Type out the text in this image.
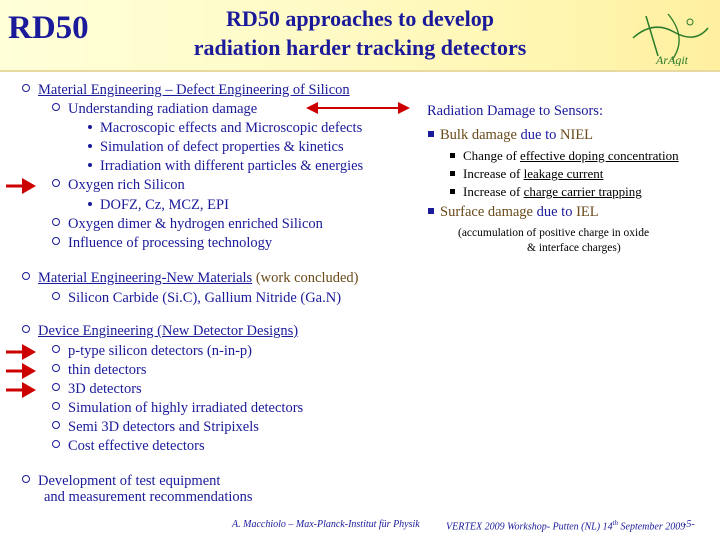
RD50	RD50 approaches to develop
radiation harder tracking detectors	ArAgit
Material Engineering – Defect Engineering of Silicon
Understanding radiation damage
Macroscopic effects and Microscopic defects
Simulation of defect properties & kinetics
Irradiation with different particles & energies
Oxygen rich Silicon
DOFZ, Cz, MCZ, EPI
Oxygen dimer & hydrogen enriched Silicon
Influence of processing technology
Radiation Damage to Sensors:
Bulk damage due to NIEL
Change of effective doping concentration
Increase of leakage current
Increase of charge carrier trapping
Surface damage due to IEL
(accumulation of positive charge in oxide
& interface charges)
Material Engineering-New Materials (work concluded)
Silicon Carbide (Si.C), Gallium Nitride (Ga.N)
Device Engineering (New Detector Designs)
p-type silicon detectors (n-in-p)
thin detectors
3D detectors
Simulation of highly irradiated detectors
Semi 3D detectors and Stripixels
Cost effective detectors
Development of test equipment
and measurement recommendations
A. Macchiolo – Max-Planck-Institut für Physik	VERTEX 2009 Workshop- Putten (NL) 14th September 2009
-5-
